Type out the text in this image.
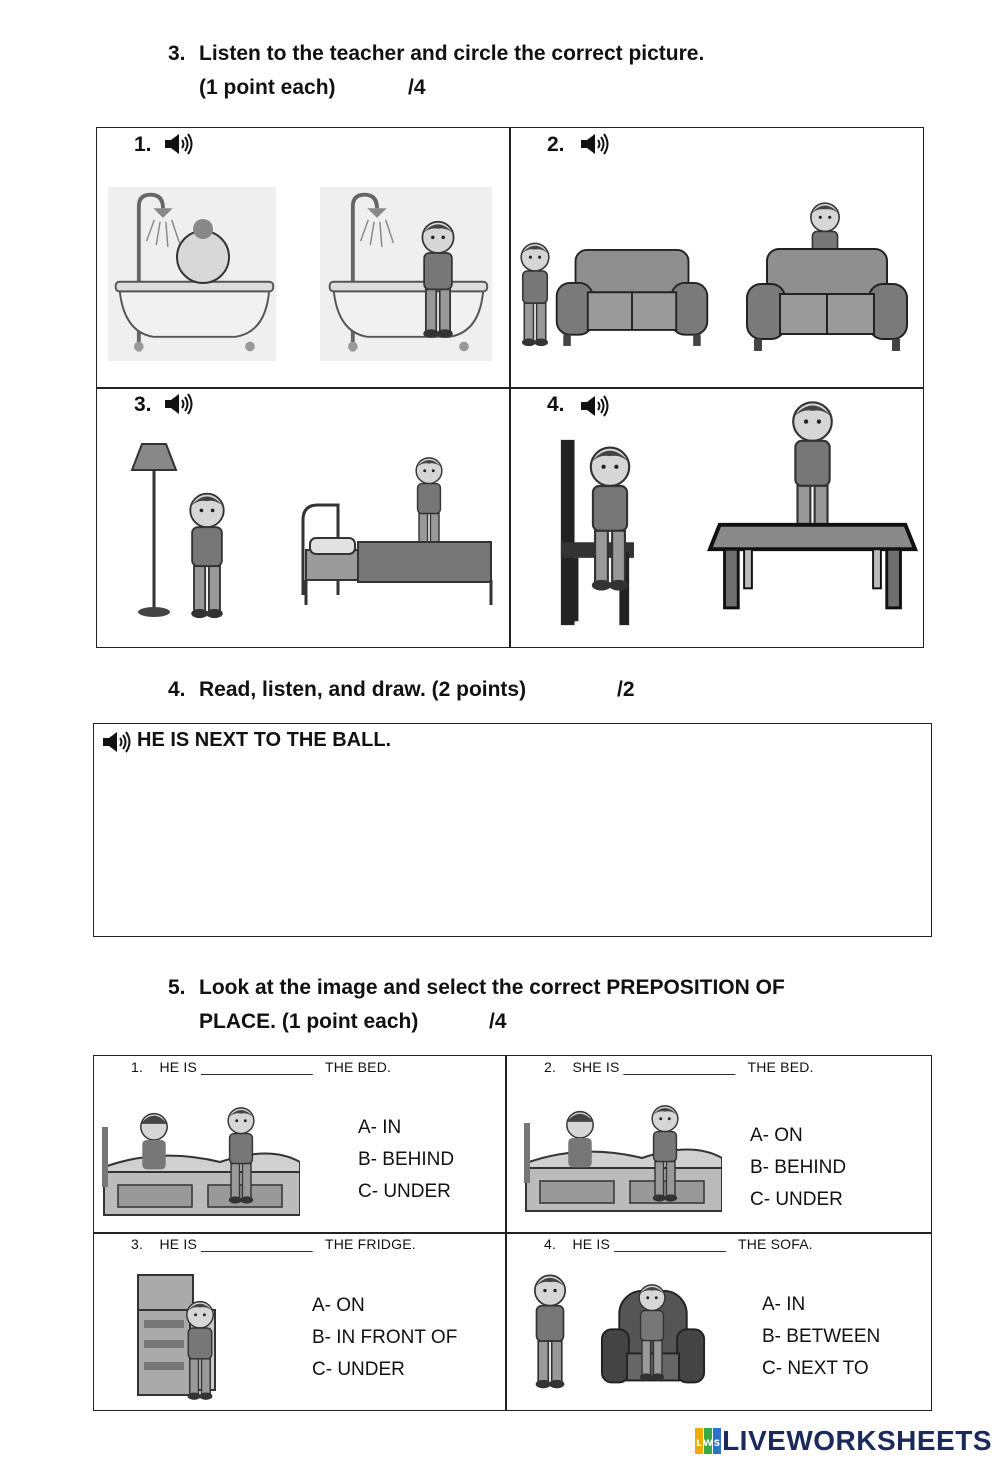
3. Listen to the teacher and circle the correct picture.
(1 point each)	/4
1.	2.
3.	4.
4. Read, listen, and draw. (2 points)	/2
HE IS NEXT TO THE BALL.
5. Look at the image and select the correct PREPOSITION OF
PLACE. (1 point each)	/4
1. HE IS ______________ THE BED.
A- IN
B- BEHIND
C- UNDER
2. SHE IS ______________ THE BED.
A- ON
B- BEHIND
C- UNDER
3. HE IS ______________ THE FRIDGE.
A- ON
B- IN FRONT OF
C- UNDER
4. HE IS ______________ THE SOFA.
A- IN
B- BETWEEN
C- NEXT TO
L W S LIVEWORKSHEETS
